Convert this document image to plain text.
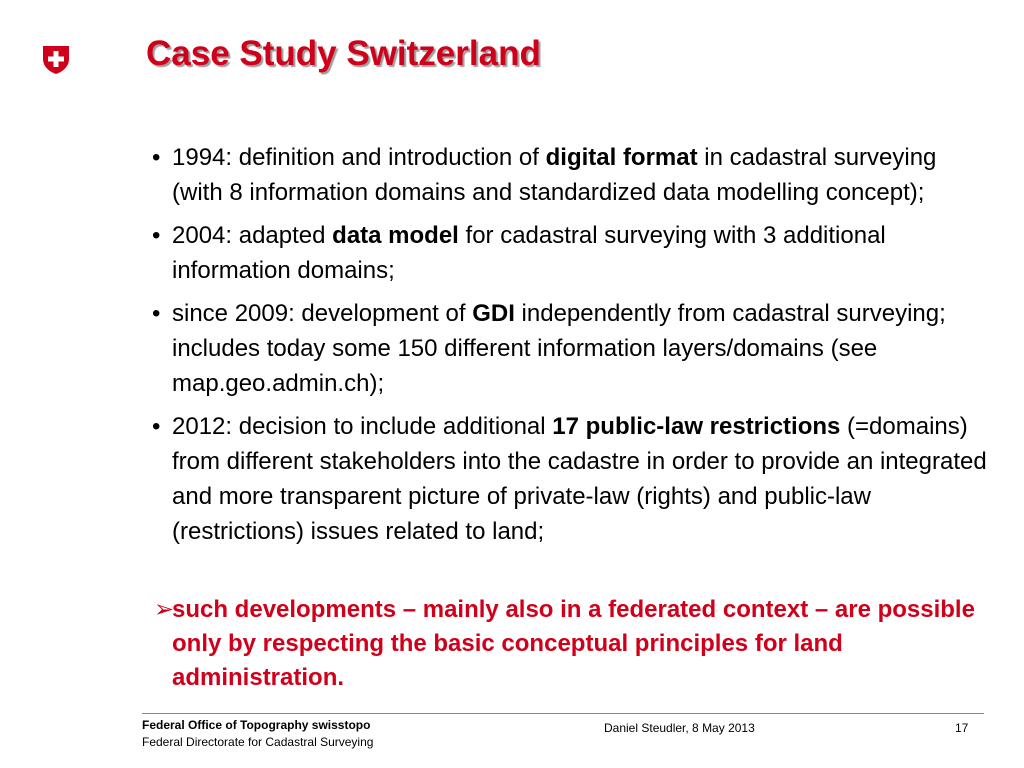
Case Study Switzerland
• 1994: definition and introduction of digital format in cadastral surveying (with 8 information domains and standardized data modelling concept);
• 2004: adapted data model for cadastral surveying with 3 additional information domains;
• since 2009: development of GDI independently from cadastral surveying; includes today some 150 different information layers/domains (see map.geo.admin.ch);
• 2012: decision to include additional 17 public-law restrictions (=domains) from different stakeholders into the cadastre in order to provide an integrated and more transparent picture of private-law (rights) and public-law (restrictions) issues related to land;
➢
such developments – mainly also in a federated context – are possible only by respecting the basic conceptual principles for land administration.
Federal Office of Topography swisstopo
Federal Directorate for Cadastral Surveying
Daniel Steudler, 8 May 2013	17
